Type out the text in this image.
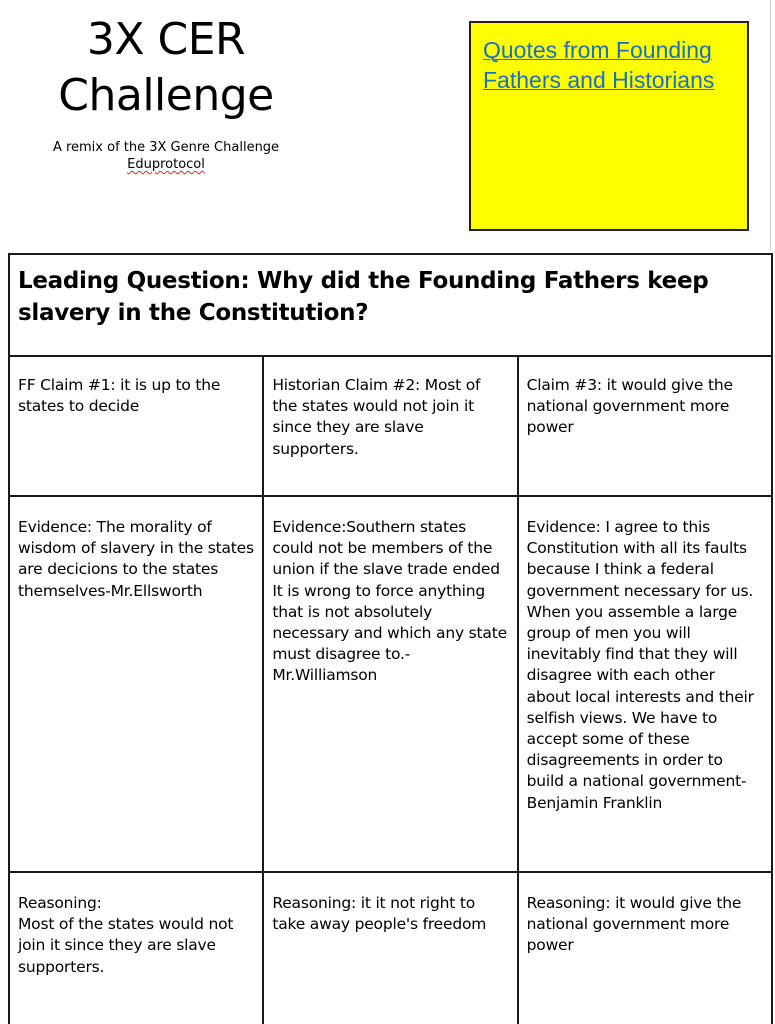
3X CER
Challenge
A remix of the 3X Genre Challenge
Eduprotocol
Quotes from Founding Fathers and Historians
Leading Question: Why did the Founding Fathers keep slavery in the Constitution?		

FF Claim #1: it is up to the states to decide	Historian Claim #2: Most of the states would not join it since they are slave supporters.	Claim #3: it would give the national government more power

Evidence: The morality of wisdom of slavery in the states are decicions to the states themselves-Mr.Ellsworth	Evidence:Southern states could not be members of the union if the slave trade ended It is wrong to force anything that is not absolutely necessary and which any state must disagree to.-Mr.Williamson	Evidence: I agree to this Constitution with all its faults because I think a federal government necessary for us. When you assemble a large group of men you will inevitably find that they will disagree with each other about local interests and their selfish views. We have to accept some of these disagreements in order to build a national government-Benjamin Franklin

Reasoning:
Most of the states would not join it since they are slave supporters.	Reasoning: it it not right to take away people's freedom	Reasoning: it would give the national government more power
